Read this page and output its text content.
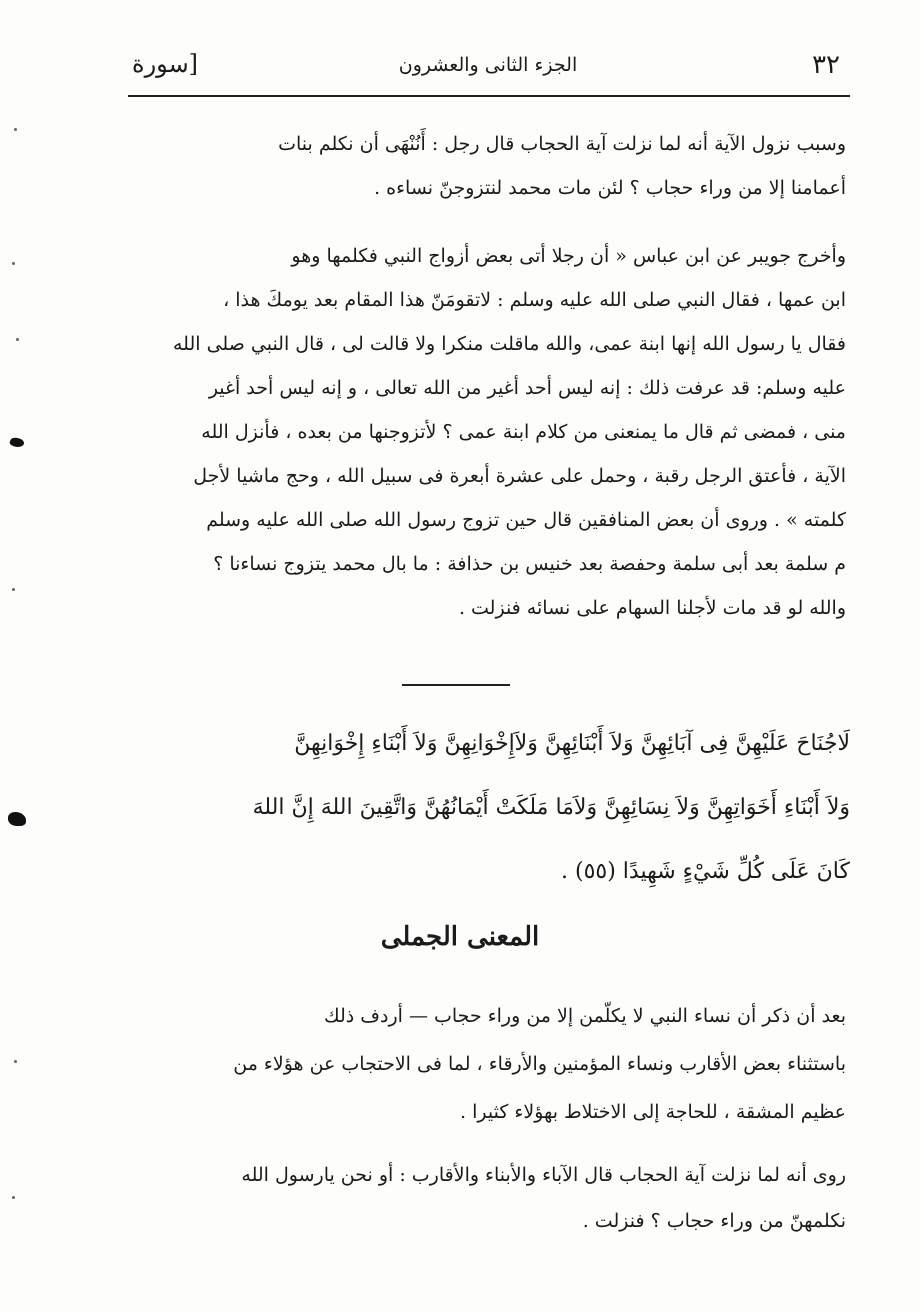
٣٢
الجزء الثانى والعشرون
[سورة
وسبب نزول الآية أنه لما نزلت آية الحجاب قال رجل : أَنُنْهَى أن نكلم بنات
أعمامنا إلا من وراء حجاب ؟ لئن مات محمد لنتزوجنّ نساءه .
وأخرج جويبر عن ابن عباس « أن رجلا أتى بعض أزواج النبي فكلمها وهو
ابن عمها ، فقال النبي صلى الله عليه وسلم : لاتقومَنّ هذا المقام بعد يومكَ هذا ،
فقال يا رسول الله إنها ابنة عمى، والله ماقلت منكرا ولا قالت لى ، قال النبي صلى الله
عليه وسلم: قد عرفت ذلك : إنه ليس أحد أغير من الله تعالى ، و إنه ليس أحد أغير
منى ، فمضى ثم قال ما يمنعنى من كلام ابنة عمى ؟ لأتزوجنها من بعده ، فأنزل الله
الآية ، فأعتق الرجل رقبة ، وحمل على عشرة أبعرة فى سبيل الله ، وحج ماشيا لأجل
كلمته » . وروى أن بعض المنافقين قال حين تزوج رسول الله صلى الله عليه وسلم
م سلمة بعد أبى سلمة وحفصة بعد خنيس بن حذافة : ما بال محمد يتزوج نساءنا ؟
والله لو قد مات لأجلنا السهام على نسائه فنزلت .
لَاجُنَاحَ عَلَيْهِنَّ فِى آبَائِهِنَّ وَلاَ أَبْنَائِهِنَّ وَلاَإِخْوَانِهِنَّ وَلاَ أَبْنَاءِ إِخْوَانِهِنَّ
وَلاَ أَبْنَاءِ أَخَوَاتِهِنَّ وَلاَ نِسَائِهِنَّ وَلاَمَا مَلَكَتْ أَيْمَانُهُنَّ وَاتَّقِينَ اللهَ إِنَّ اللهَ
كَانَ عَلَى كُلِّ شَيْءٍ شَهِيدًا (٥٥) .
المعنى الجملى
بعد أن ذكر أن نساء النبي لا يكلّمن إلا من وراء حجاب — أردف ذلك
باستثناء بعض الأقارب ونساء المؤمنين والأرقاء ، لما فى الاحتجاب عن هؤلاء من
عظيم المشقة ، للحاجة إلى الاختلاط بهؤلاء كثيرا .
روى أنه لما نزلت آية الحجاب قال الآباء والأبناء والأقارب : أو نحن يارسول الله
نكلمهنّ من وراء حجاب ؟ فنزلت .
